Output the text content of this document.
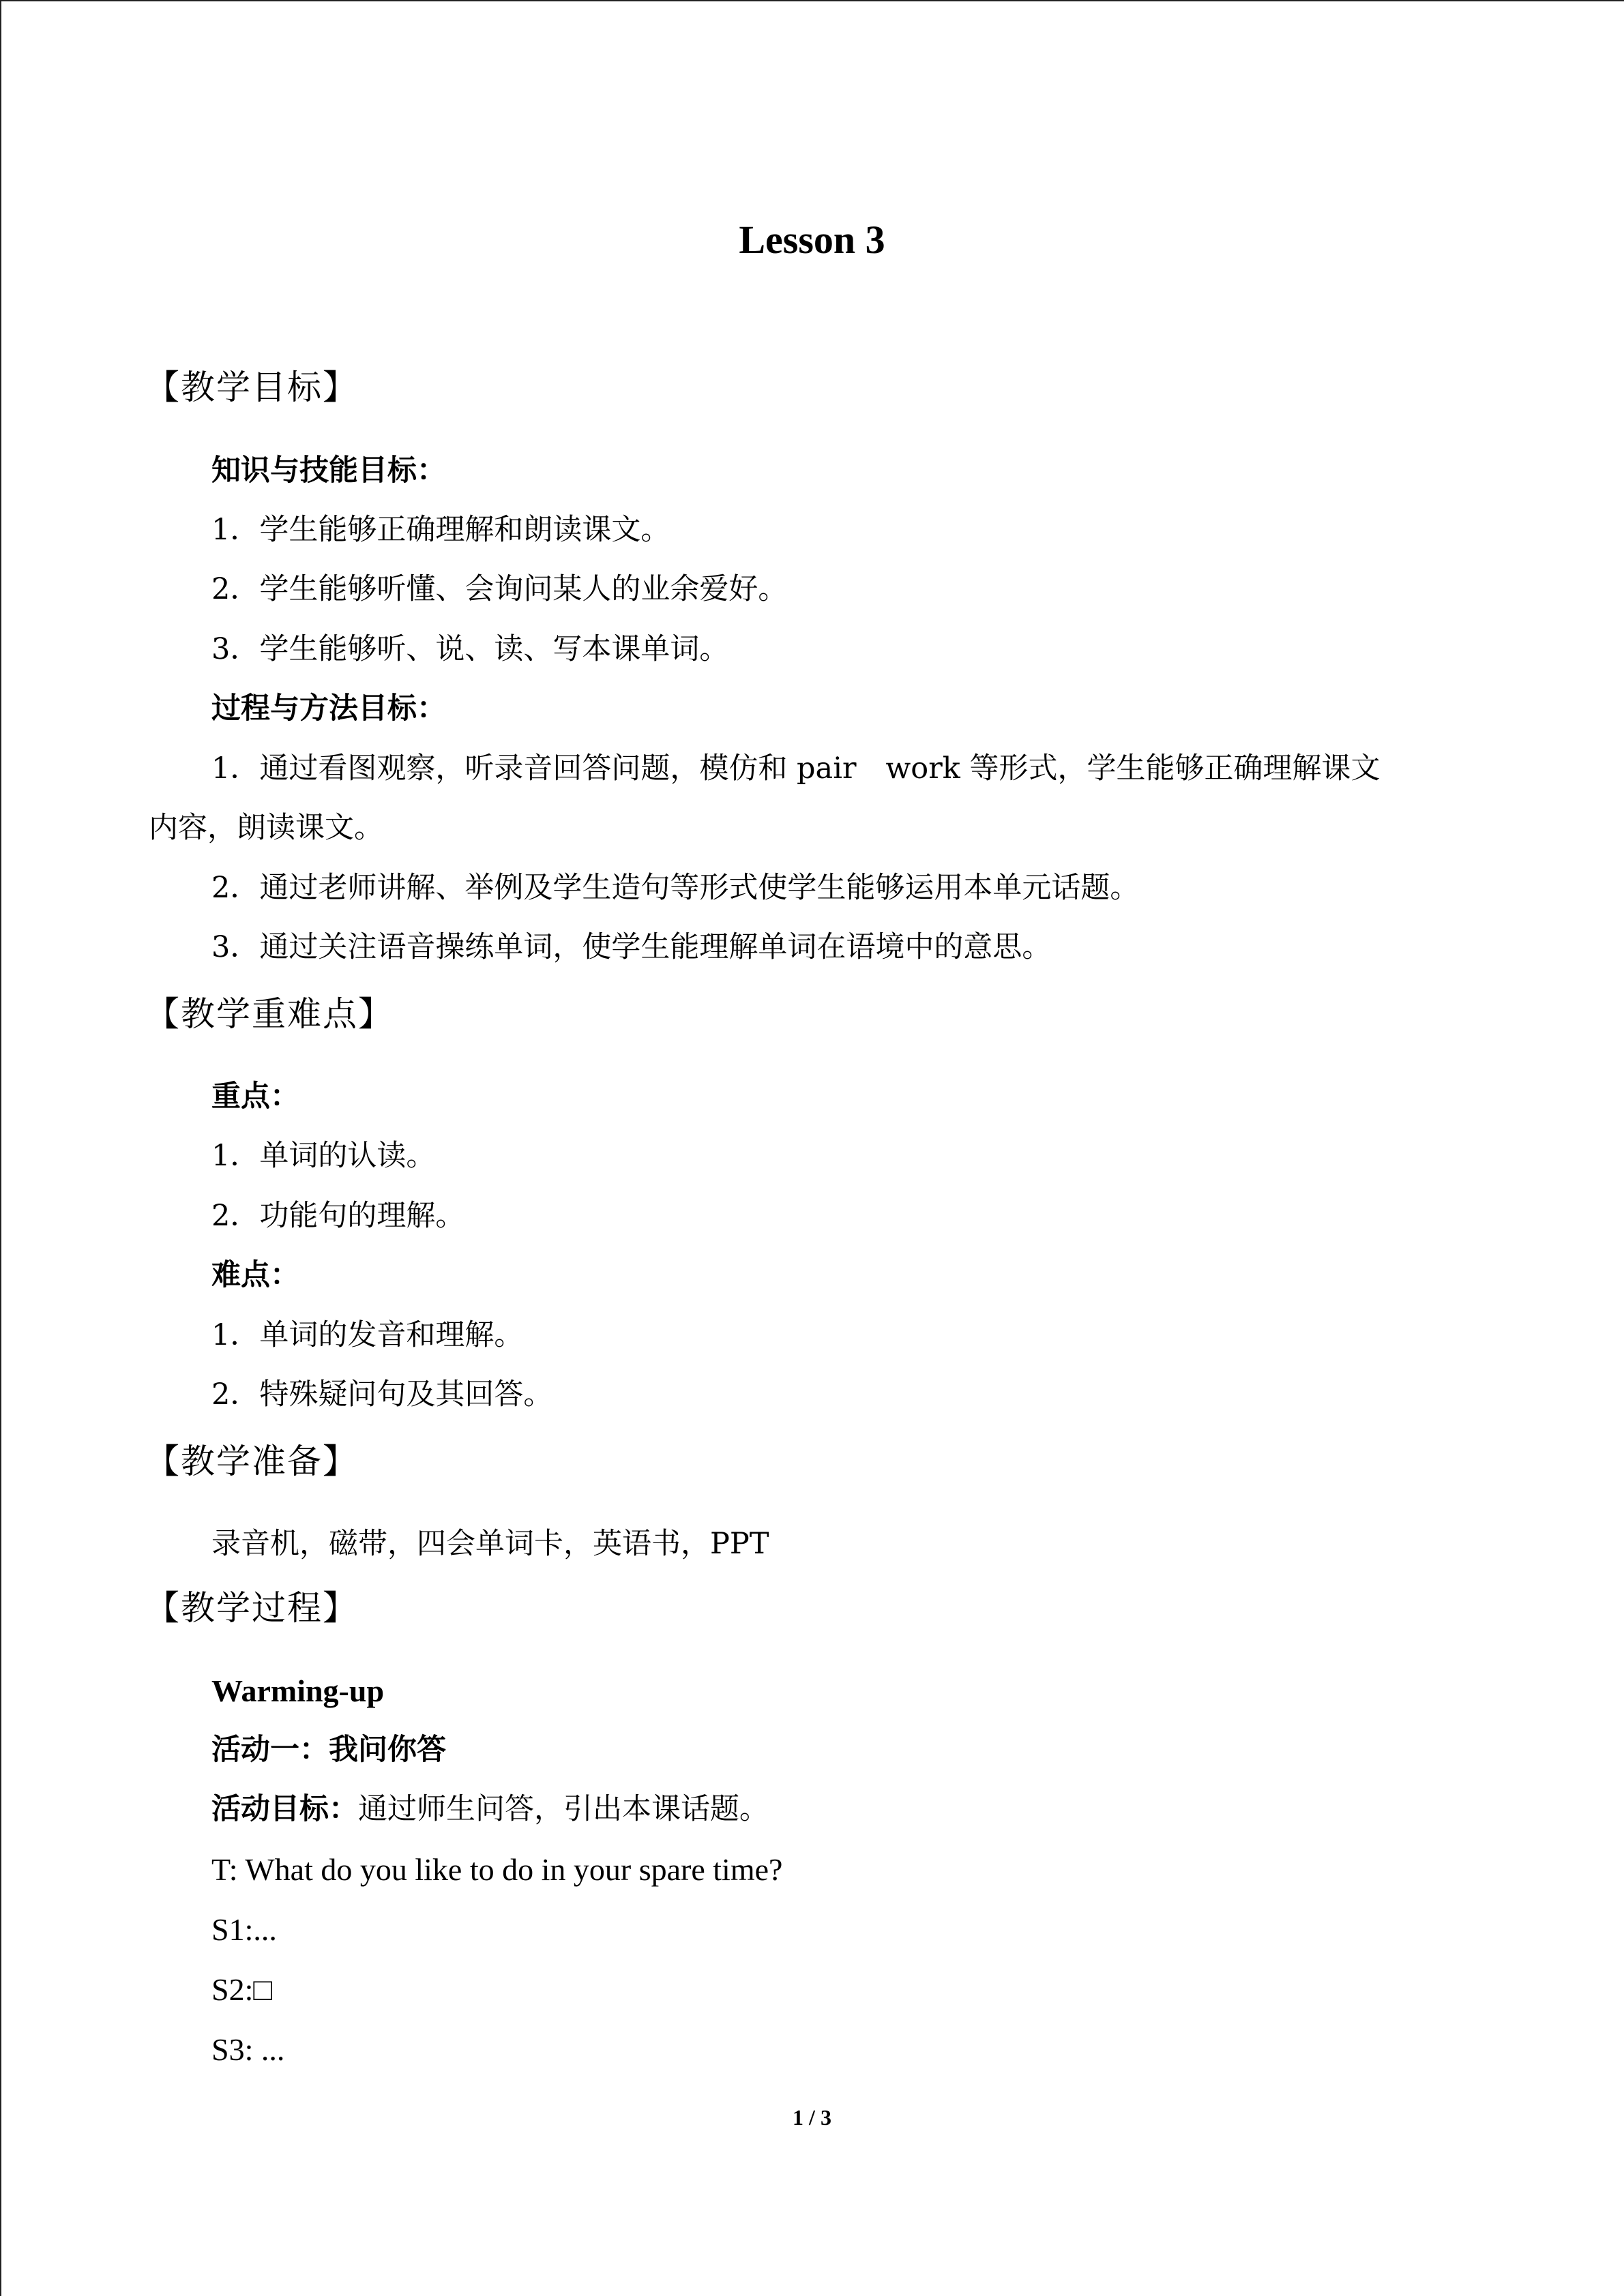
Lesson 3
【教学目标】
知识与技能目标：
1．学生能够正确理解和朗读课文。
2．学生能够听懂、会询问某人的业余爱好。
3．学生能够听、说、读、写本课单词。
过程与方法目标：
1．通过看图观察，听录音回答问题，模仿和 pair　work 等形式，学生能够正确理解课文
内容，朗读课文。
2．通过老师讲解、举例及学生造句等形式使学生能够运用本单元话题。
3．通过关注语音操练单词，使学生能理解单词在语境中的意思。
【教学重难点】
重点：
1．单词的认读。
2．功能句的理解。
难点：
1．单词的发音和理解。
2．特殊疑问句及其回答。
【教学准备】
录音机，磁带，四会单词卡，英语书，PPT
【教学过程】
Warming-up
活动一：我问你答
活动目标：通过师生问答，引出本课话题。
T: What do you like to do in your spare time?
S1:...
S2:□
S3: ...
1 / 3
